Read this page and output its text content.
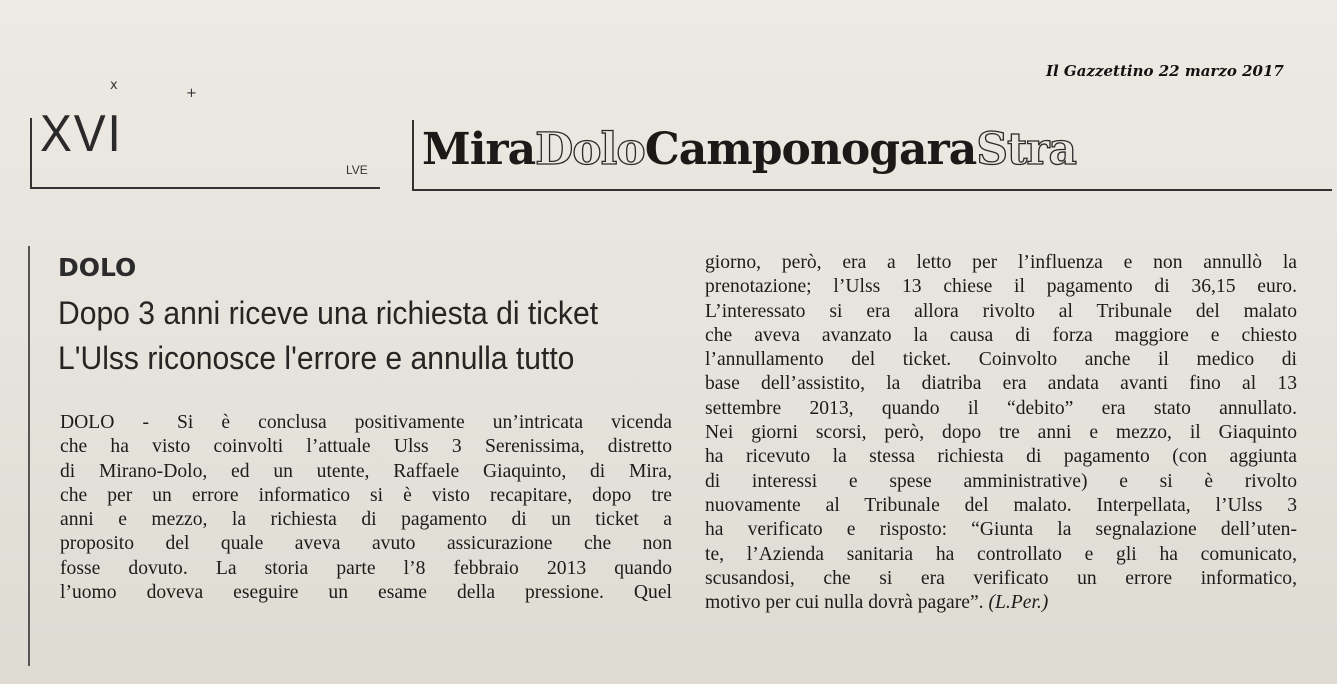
Il Gazzettino 22 marzo 2017
x
+
XVI
LVE MiraDoloCamponogaraStra
DOLO
Dopo 3 anni riceve una richiesta di ticket
L'Ulss riconosce l'errore e annulla tutto
DOLO - Si è conclusa positivamente un’intricata vicenda
che ha visto coinvolti l’attuale Ulss 3 Serenissima, distretto
di Mirano-Dolo, ed un utente, Raffaele Giaquinto, di Mira,
che per un errore informatico si è visto recapitare, dopo tre
anni e mezzo, la richiesta di pagamento di un ticket a
proposito del quale aveva avuto assicurazione che non
fosse dovuto. La storia parte l’8 febbraio 2013 quando
l’uomo doveva eseguire un esame della pressione. Quel
giorno, però, era a letto per l’influenza e non annullò la
prenotazione; l’Ulss 13 chiese il pagamento di 36,15 euro.
L’interessato si era allora rivolto al Tribunale del malato
che aveva avanzato la causa di forza maggiore e chiesto
l’annullamento del ticket. Coinvolto anche il medico di
base dell’assistito, la diatriba era andata avanti fino al 13
settembre 2013, quando il “debito” era stato annullato.
Nei giorni scorsi, però, dopo tre anni e mezzo, il Giaquinto
ha ricevuto la stessa richiesta di pagamento (con aggiunta
di interessi e spese amministrative) e si è rivolto
nuovamente al Tribunale del malato. Interpellata, l’Ulss 3
ha verificato e risposto: “Giunta la segnalazione dell’uten-
te, l’Azienda sanitaria ha controllato e gli ha comunicato,
scusandosi, che si era verificato un errore informatico,
motivo per cui nulla dovrà pagare”. (L.Per.)
